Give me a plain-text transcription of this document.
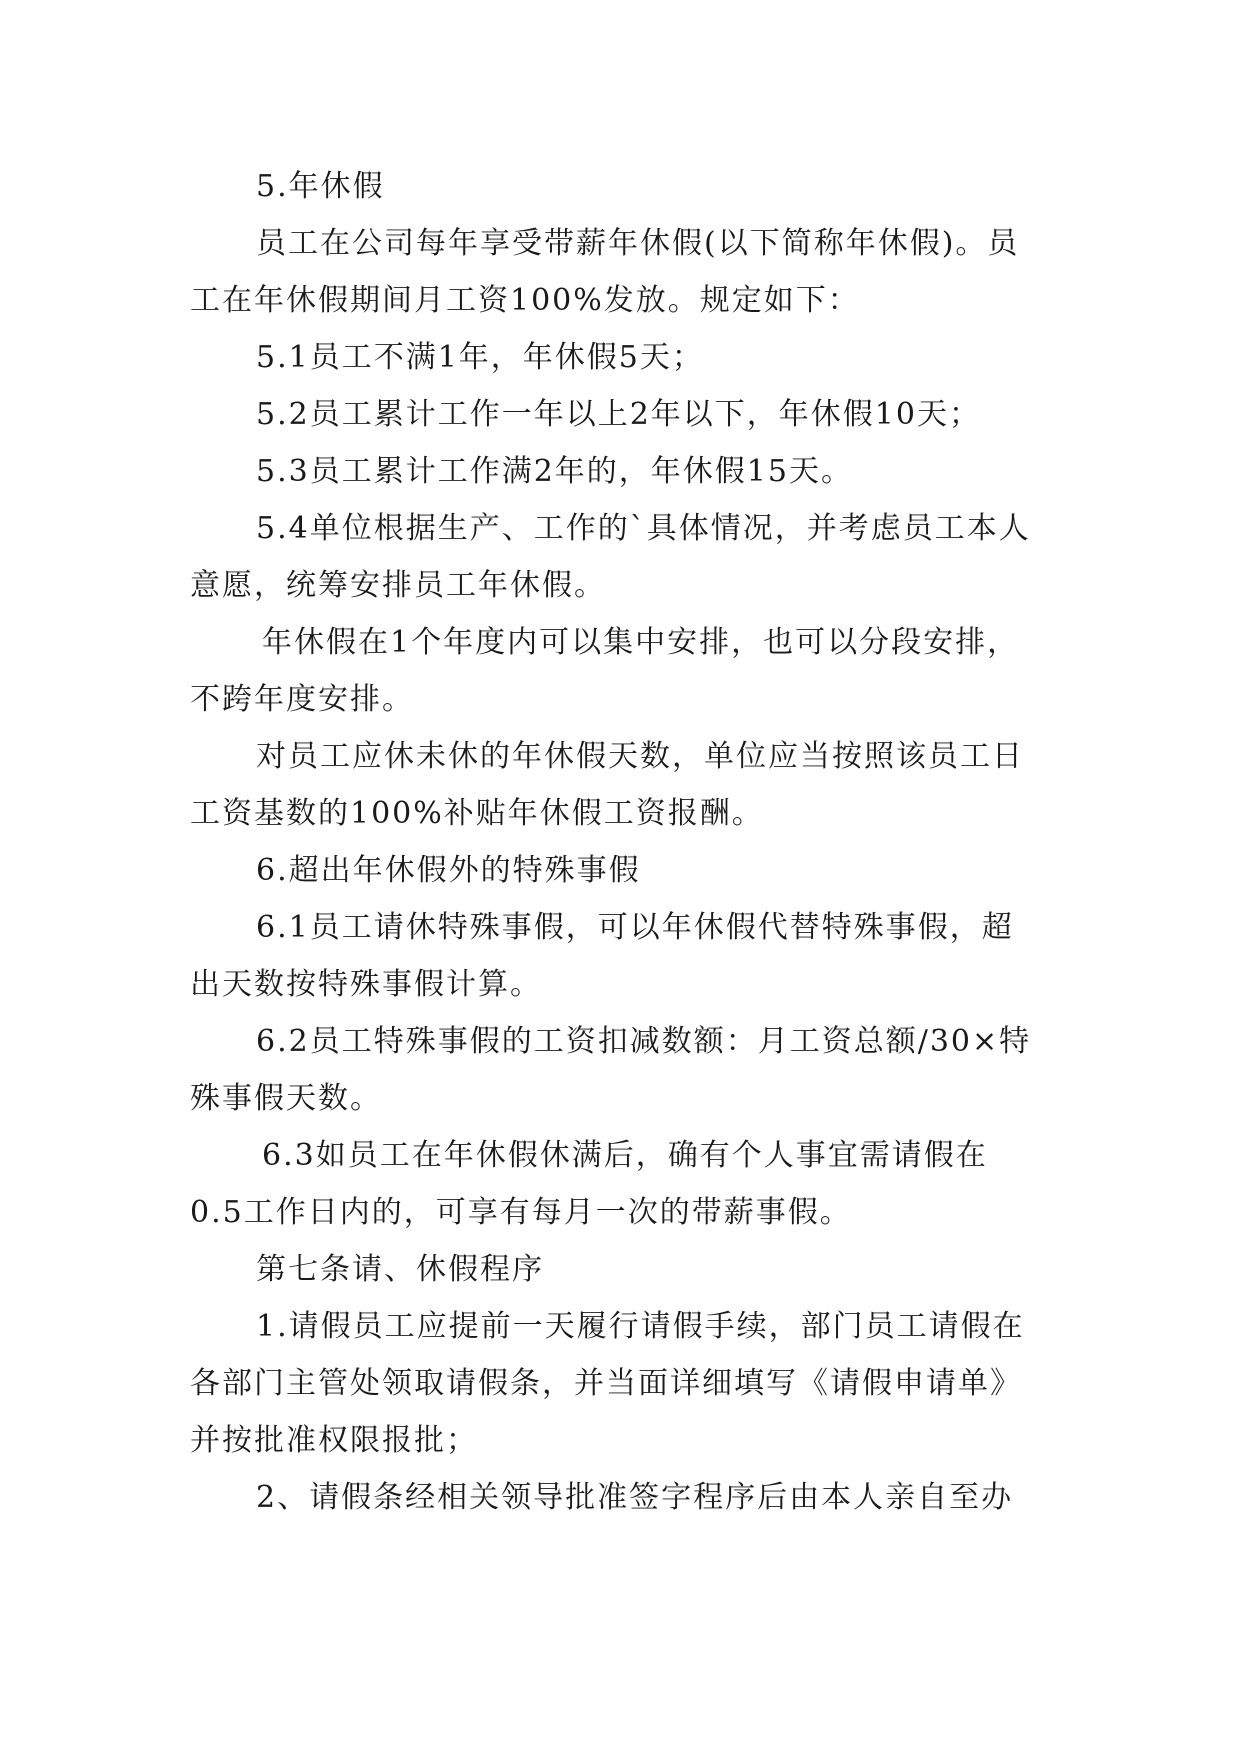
5.年休假

员工在公司每年享受带薪年休假(以下简称年休假)。员

工在年休假期间月工资100%发放。规定如下：

5.1员工不满1年，年休假5天；

5.2员工累计工作一年以上2年以下，年休假10天；

5.3员工累计工作满2年的，年休假15天。

5.4单位根据生产、工作的`具体情况，并考虑员工本人

意愿，统筹安排员工年休假。

年休假在1个年度内可以集中安排，也可以分段安排，

不跨年度安排。

对员工应休未休的年休假天数，单位应当按照该员工日

工资基数的100%补贴年休假工资报酬。

6.超出年休假外的特殊事假

6.1员工请休特殊事假，可以年休假代替特殊事假，超

出天数按特殊事假计算。

6.2员工特殊事假的工资扣减数额：月工资总额/30×特

殊事假天数。

6.3如员工在年休假休满后，确有个人事宜需请假在

0.5工作日内的，可享有每月一次的带薪事假。

第七条请、休假程序

1.请假员工应提前一天履行请假手续，部门员工请假在

各部门主管处领取请假条，并当面详细填写《请假申请单》

并按批准权限报批；

2、请假条经相关领导批准签字程序后由本人亲自至办
